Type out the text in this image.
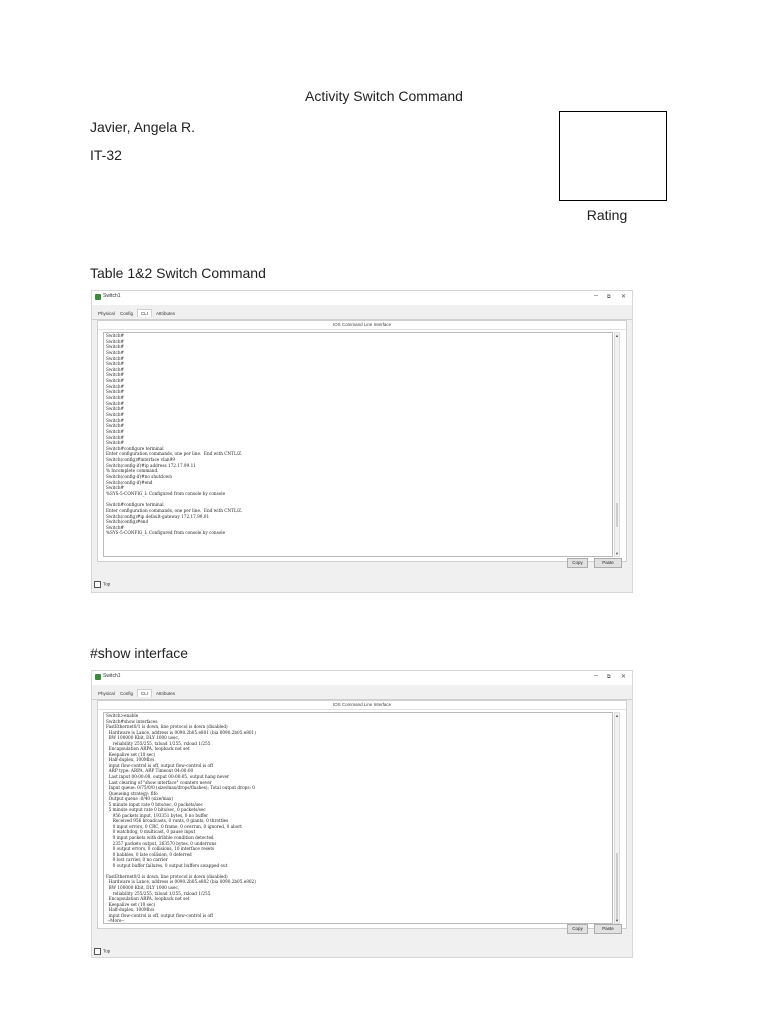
Activity Switch Command
Javier, Angela R.
IT-32
Rating
Table 1&2 Switch Command
Switch1	– ⧉ ✕
Physical	Config	CLI	Attributes
IOS Command Line Interface
Switch#
Switch#
Switch#
Switch#
Switch#
Switch#
Switch#
Switch#
Switch#
Switch#
Switch#
Switch#
Switch#
Switch#
Switch#
Switch#
Switch#
Switch#
Switch#
Switch#
Switch#configure terminal
Enter configuration commands, one per line.  End with CNTL/Z.
Switch(config)#interface vlan99
Switch(config-if)#ip address 172.17.99.11
% Incomplete command.
Switch(config-if)#no shutdown
Switch(config-if)#end
Switch#
%SYS-5-CONFIG_I: Configured from console by console
Switch#configure terminal
Enter configuration commands, one per line.  End with CNTL/Z.
Switch(config)#ip default-gateway 172.17.99.01
Switch(config)#end
Switch#
%SYS-5-CONFIG_I: Configured from console by console
▲
▼
Copy	Paste
Top
#show interface
Switch1	– ⧉ ✕
Physical	Config	CLI	Attributes
IOS Command Line Interface
Switch>enable
Switch#show interfaces
FastEthernet0/1 is down, line protocol is down (disabled)
Hardware is Lance, address is 0090.2b05.e801 (bia 0090.2b05.e801)
BW 100000 Kbit, DLY 1000 usec,
reliability 255/255, txload 1/255, rxload 1/255
Encapsulation ARPA, loopback not set
Keepalive set (10 sec)
Half-duplex, 100Mb/s
input flow-control is off, output flow-control is off
ARP type: ARPA, ARP Timeout 04:00:00
Last input 00:00:08, output 00:00:05, output hang never
Last clearing of "show interface" counters never
Input queue: 0/75/0/0 (size/max/drops/flushes); Total output drops: 0
Queueing strategy: fifo
Output queue :0/40 (size/max)
5 minute input rate 0 bits/sec, 0 packets/sec
5 minute output rate 0 bits/sec, 0 packets/sec
956 packets input, 193351 bytes, 0 no buffer
Received 956 broadcasts, 0 runts, 0 giants, 0 throttles
0 input errors, 0 CRC, 0 frame, 0 overrun, 0 ignored, 0 abort
0 watchdog, 0 multicast, 0 pause input
0 input packets with dribble condition detected
2357 packets output, 263570 bytes, 0 underruns
0 output errors, 0 collisions, 10 interface resets
0 babbles, 0 late collision, 0 deferred
0 lost carrier, 0 no carrier
0 output buffer failures, 0 output buffers swapped out
FastEthernet0/2 is down, line protocol is down (disabled)
Hardware is Lance, address is 0090.2b05.e802 (bia 0090.2b05.e802)
BW 100000 Kbit, DLY 1000 usec,
reliability 255/255, txload 1/255, rxload 1/255
Encapsulation ARPA, loopback not set
Keepalive set (10 sec)
Half-duplex, 100Mb/s
input flow-control is off, output flow-control is off
--More--
▲
▼
Copy	Paste
Top
